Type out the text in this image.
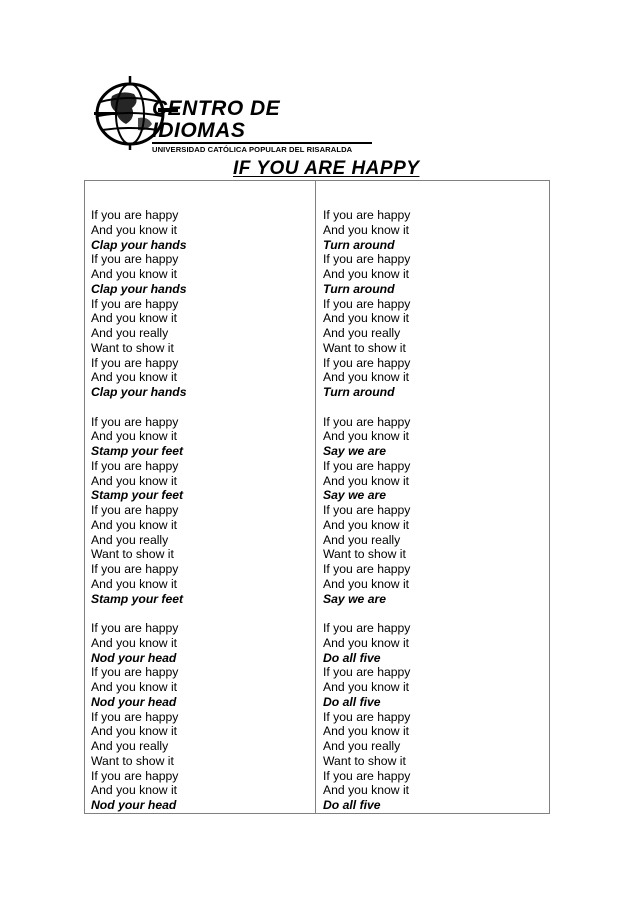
CENTRO DE IDIOMAS
UNIVERSIDAD CATÓLICA POPULAR DEL RISARALDA
IF YOU ARE HAPPY
If you are happy
And you know it
Clap your hands
If you are happy
And you know it
Clap your hands
If you are happy
And you know it
And you really
Want to show it
If you are happy
And you know it
Clap your hands
If you are happy
And you know it
Stamp your feet
If you are happy
And you know it
Stamp your feet
If you are happy
And you know it
And you really
Want to show it
If you are happy
And you know it
Stamp your feet
If you are happy
And you know it
Nod your head
If you are happy
And you know it
Nod your head
If you are happy
And you know it
And you really
Want to show it
If you are happy
And you know it
Nod your head
If you are happy
And you know it
Turn around
If you are happy
And you know it
Turn around
If you are happy
And you know it
And you really
Want to show it
If you are happy
And you know it
Turn around
If you are happy
And you know it
Say we are
If you are happy
And you know it
Say we are
If you are happy
And you know it
And you really
Want to show it
If you are happy
And you know it
Say we are
If you are happy
And you know it
Do all five
If you are happy
And you know it
Do all five
If you are happy
And you know it
And you really
Want to show it
If you are happy
And you know it
Do all five
